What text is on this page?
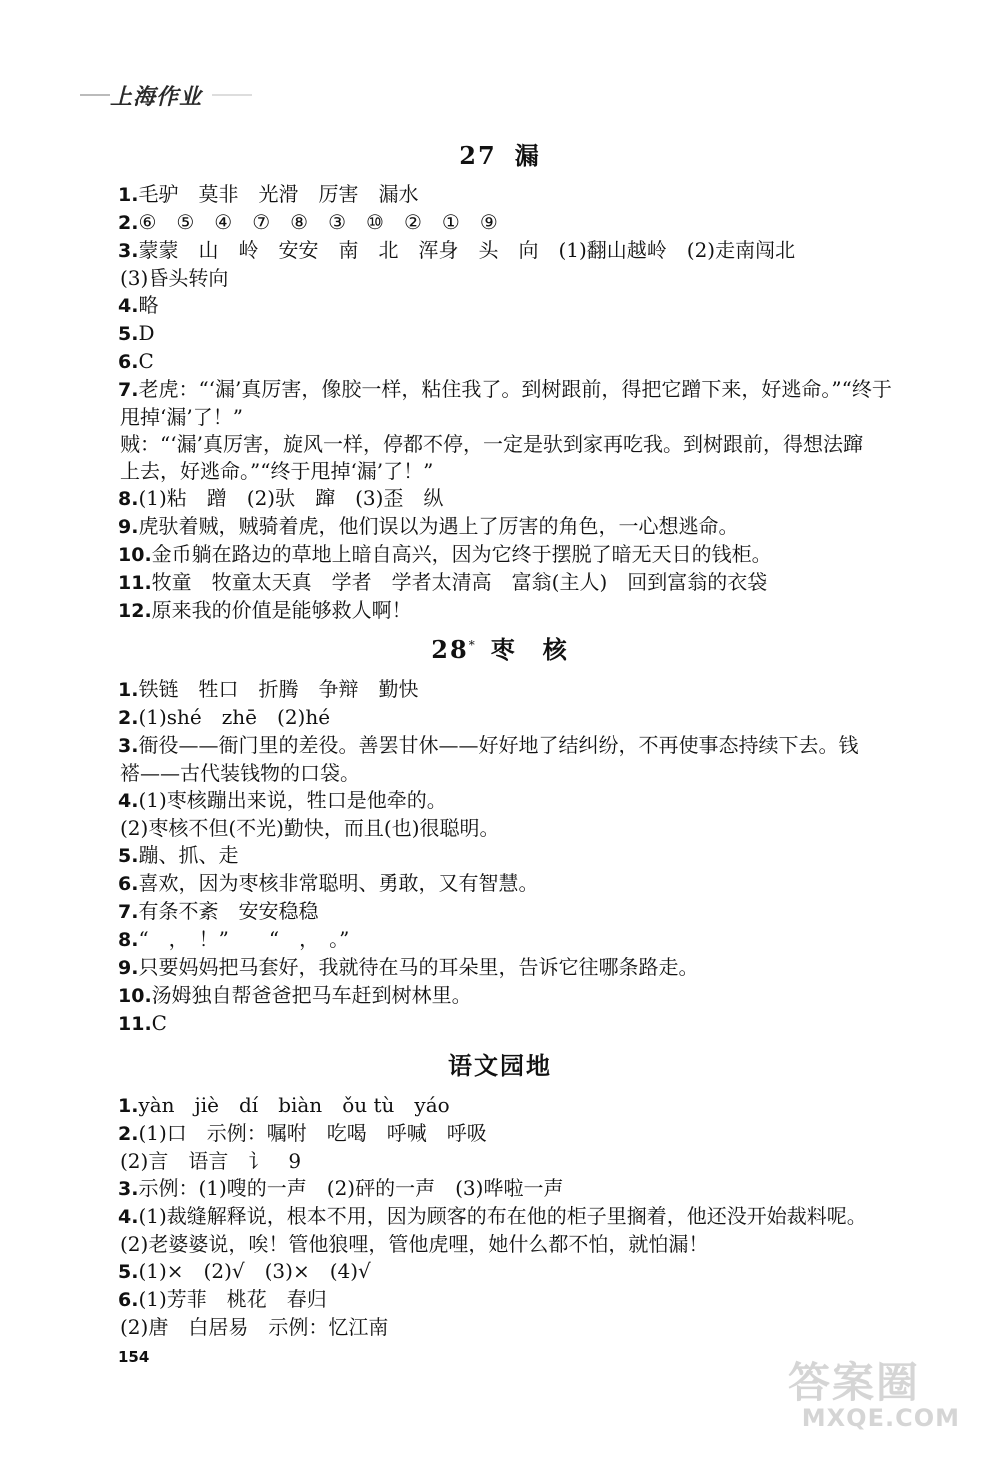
上海作业
27 漏
1.毛驴　莫非　光滑　厉害　漏水
2.⑥　⑤　④　⑦　⑧　③　⑩　②　①　⑨
3.蒙蒙　山　岭　安安　南　北　浑身　头　向　(1)翻山越岭　(2)走南闯北
(3)昏头转向
4.略
5.D
6.C
7.老虎：“‘漏’真厉害，像胶一样，粘住我了。到树跟前，得把它蹭下来，好逃命。”“终于
甩掉‘漏’了！”
贼：“‘漏’真厉害，旋风一样，停都不停，一定是驮到家再吃我。到树跟前，得想法蹿
上去，好逃命。”“终于甩掉‘漏’了！”
8.(1)粘　蹭　(2)驮　蹿　(3)歪　纵
9.虎驮着贼，贼骑着虎，他们误以为遇上了厉害的角色，一心想逃命。
10.金币躺在路边的草地上暗自高兴，因为它终于摆脱了暗无天日的钱柜。
11.牧童　牧童太天真　学者　学者太清高　富翁(主人)　回到富翁的衣袋
12.原来我的价值是能够救人啊！
28* 枣　核
1.铁链　牲口　折腾　争辩　勤快
2.(1)shé　zhē　(2)hé
3.衙役——衙门里的差役。善罢甘休——好好地了结纠纷，不再使事态持续下去。钱
褡——古代装钱物的口袋。
4.(1)枣核蹦出来说，牲口是他牵的。
(2)枣核不但(不光)勤快，而且(也)很聪明。
5.蹦、抓、走
6.喜欢，因为枣核非常聪明、勇敢，又有智慧。
7.有条不紊　安安稳稳
8.“　，　！”　　“　，　。”
9.只要妈妈把马套好，我就待在马的耳朵里，告诉它往哪条路走。
10.汤姆独自帮爸爸把马车赶到树林里。
11.C
语文园地
1.yàn　jiè　dí　biàn　ǒu tù　yáo
2.(1)口　示例：嘱咐　吃喝　呼喊　呼吸
(2)言　语言　讠　9
3.示例：(1)嗖的一声　(2)砰的一声　(3)哗啦一声
4.(1)裁缝解释说，根本不用，因为顾客的布在他的柜子里搁着，他还没开始裁料呢。
(2)老婆婆说，唉！管他狼哩，管他虎哩，她什么都不怕，就怕漏！
5.(1)×　(2)√　(3)×　(4)√
6.(1)芳菲　桃花　春归
(2)唐　白居易　示例：忆江南
154
答案圈
MXQE.COM
